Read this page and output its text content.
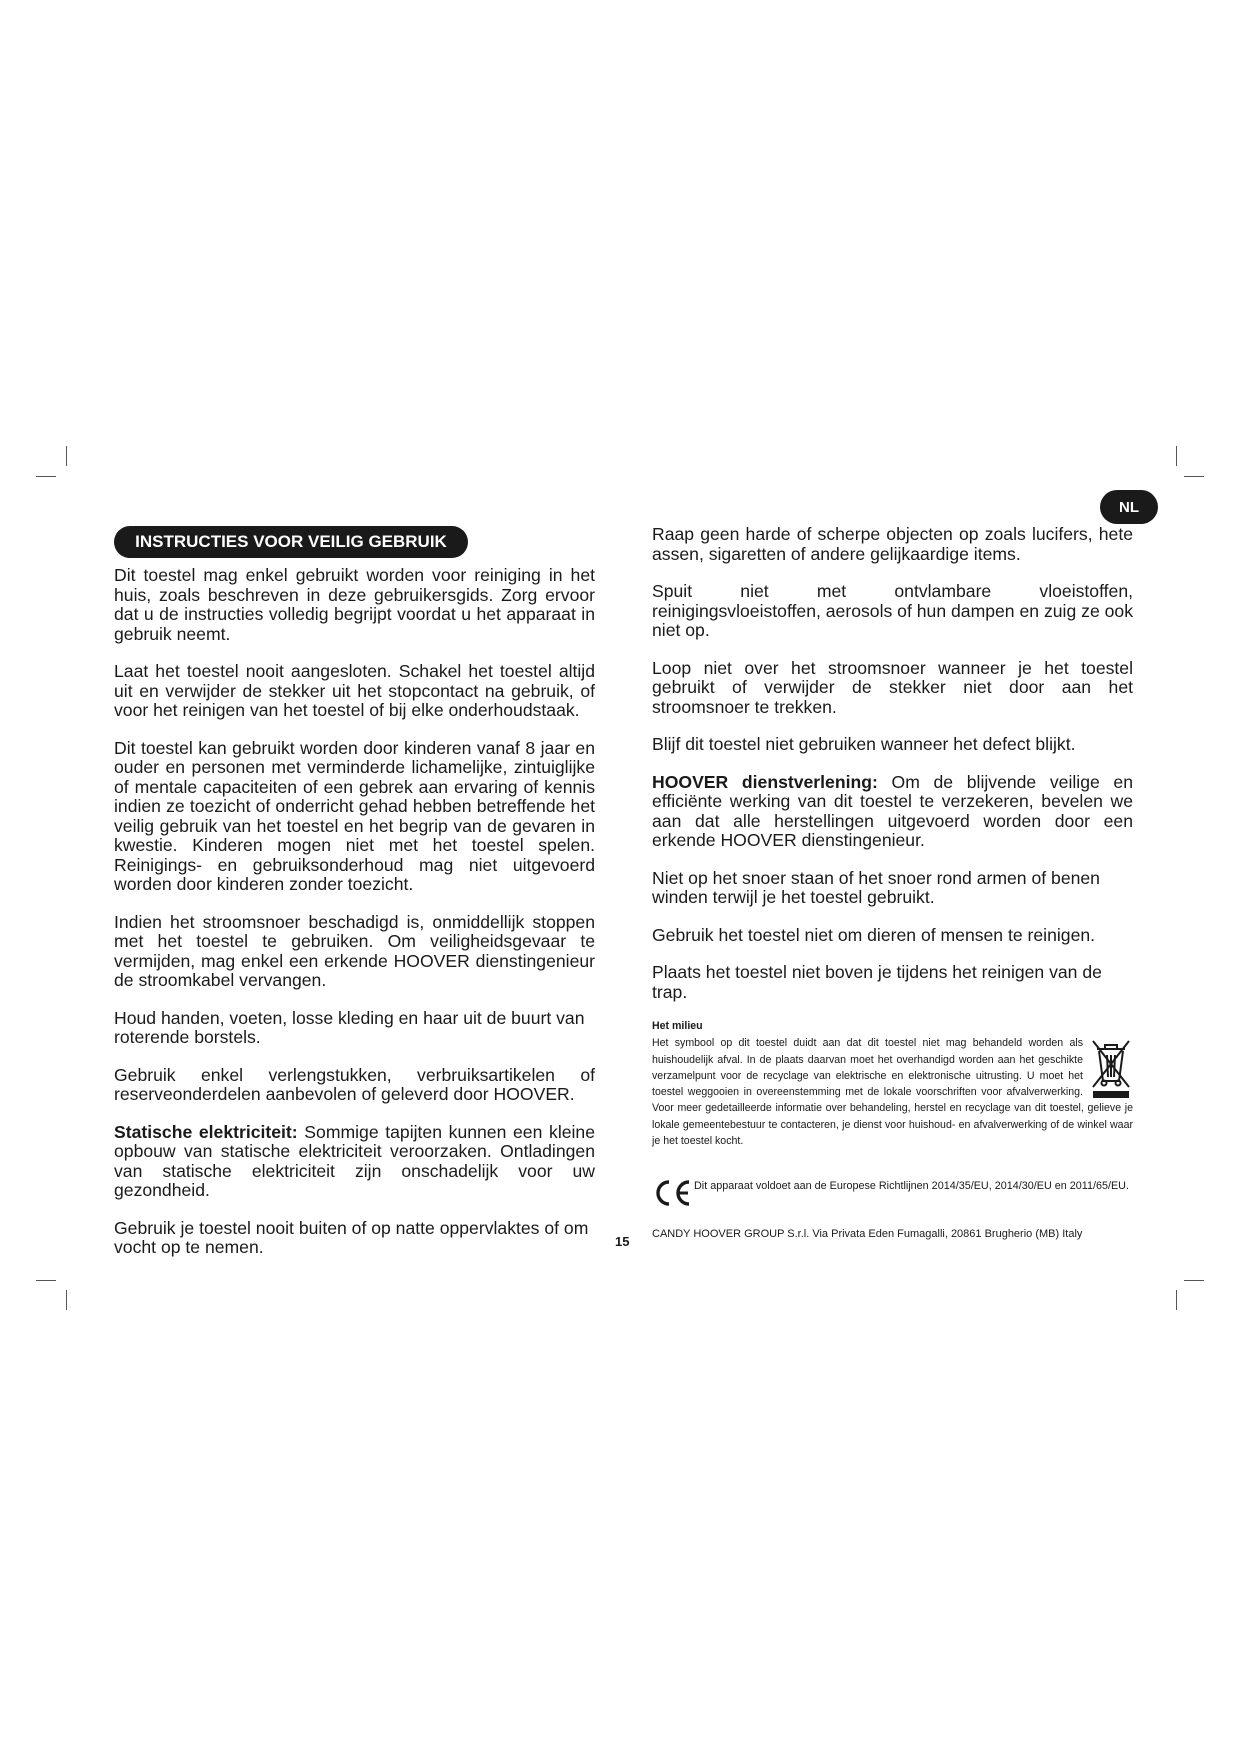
NL
INSTRUCTIES VOOR VEILIG GEBRUIK

Dit toestel mag enkel gebruikt worden voor reiniging in het huis, zoals beschreven in deze gebruikersgids. Zorg ervoor dat u de instructies volledig begrijpt voordat u het apparaat in gebruik neemt.

Laat het toestel nooit aangesloten. Schakel het toestel altijd uit en verwijder de stekker uit het stopcontact na gebruik, of voor het reinigen van het toestel of bij elke onderhoudstaak.

Dit toestel kan gebruikt worden door kinderen vanaf 8 jaar en ouder en personen met verminderde lichamelijke, zintuiglijke of mentale capaciteiten of een gebrek aan ervaring of kennis indien ze toezicht of onderricht gehad hebben betreffende het veilig gebruik van het toestel en het begrip van de gevaren in kwestie. Kinderen mogen niet met het toestel spelen. Reinigings- en gebruiksonderhoud mag niet uitgevoerd worden door kinderen zonder toezicht.

Indien het stroomsnoer beschadigd is, onmiddellijk stoppen met het toestel te gebruiken. Om veiligheidsgevaar te vermijden, mag enkel een erkende HOOVER dienstingenieur de stroomkabel vervangen.

Houd handen, voeten, losse kleding en haar uit de buurt van roterende borstels.

Gebruik enkel verlengstukken, verbruiksartikelen of reserveonderdelen aanbevolen of geleverd door HOOVER.

Statische elektriciteit: Sommige tapijten kunnen een kleine opbouw van statische elektriciteit veroorzaken. Ontladingen van statische elektriciteit zijn onschadelijk voor uw gezondheid.

Gebruik je toestel nooit buiten of op natte oppervlaktes of om vocht op te nemen.

Raap geen harde of scherpe objecten op zoals lucifers, hete assen, sigaretten of andere gelijkaardige items.

Spuit niet met ontvlambare vloeistoffen, reinigingsvloeistoffen, aerosols of hun dampen en zuig ze ook niet op.

Loop niet over het stroomsnoer wanneer je het toestel gebruikt of verwijder de stekker niet door aan het stroomsnoer te trekken.

Blijf dit toestel niet gebruiken wanneer het defect blijkt.

HOOVER dienstverlening: Om de blijvende veilige en efficiënte werking van dit toestel te verzekeren, bevelen we aan dat alle herstellingen uitgevoerd worden door een erkende HOOVER dienstingenieur.

Niet op het snoer staan of het snoer rond armen of benen winden terwijl je het toestel gebruikt.

Gebruik het toestel niet om dieren of mensen te reinigen.

Plaats het toestel niet boven je tijdens het reinigen van de trap.

Het milieu

Het symbool op dit toestel duidt aan dat dit toestel niet mag behandeld worden als huishoudelijk afval. In de plaats daarvan moet het overhandigd worden aan het geschikte verzamelpunt voor de recyclage van elektrische en elektronische uitrusting. U moet het toestel weggooien in overeenstemming met de lokale voorschriften voor afvalverwerking. Voor meer gedetailleerde informatie over behandeling, herstel en recyclage van dit toestel, gelieve je lokale gemeentebestuur te contacteren, je dienst voor huishoud- en afvalverwerking of de winkel waar je het toestel kocht.

Dit apparaat voldoet aan de Europese Richtlijnen 2014/35/EU, 2014/30/EU en 2011/65/EU.
CANDY HOOVER GROUP S.r.l. Via Privata Eden Fumagalli, 20861 Brugherio (MB) Italy
15
